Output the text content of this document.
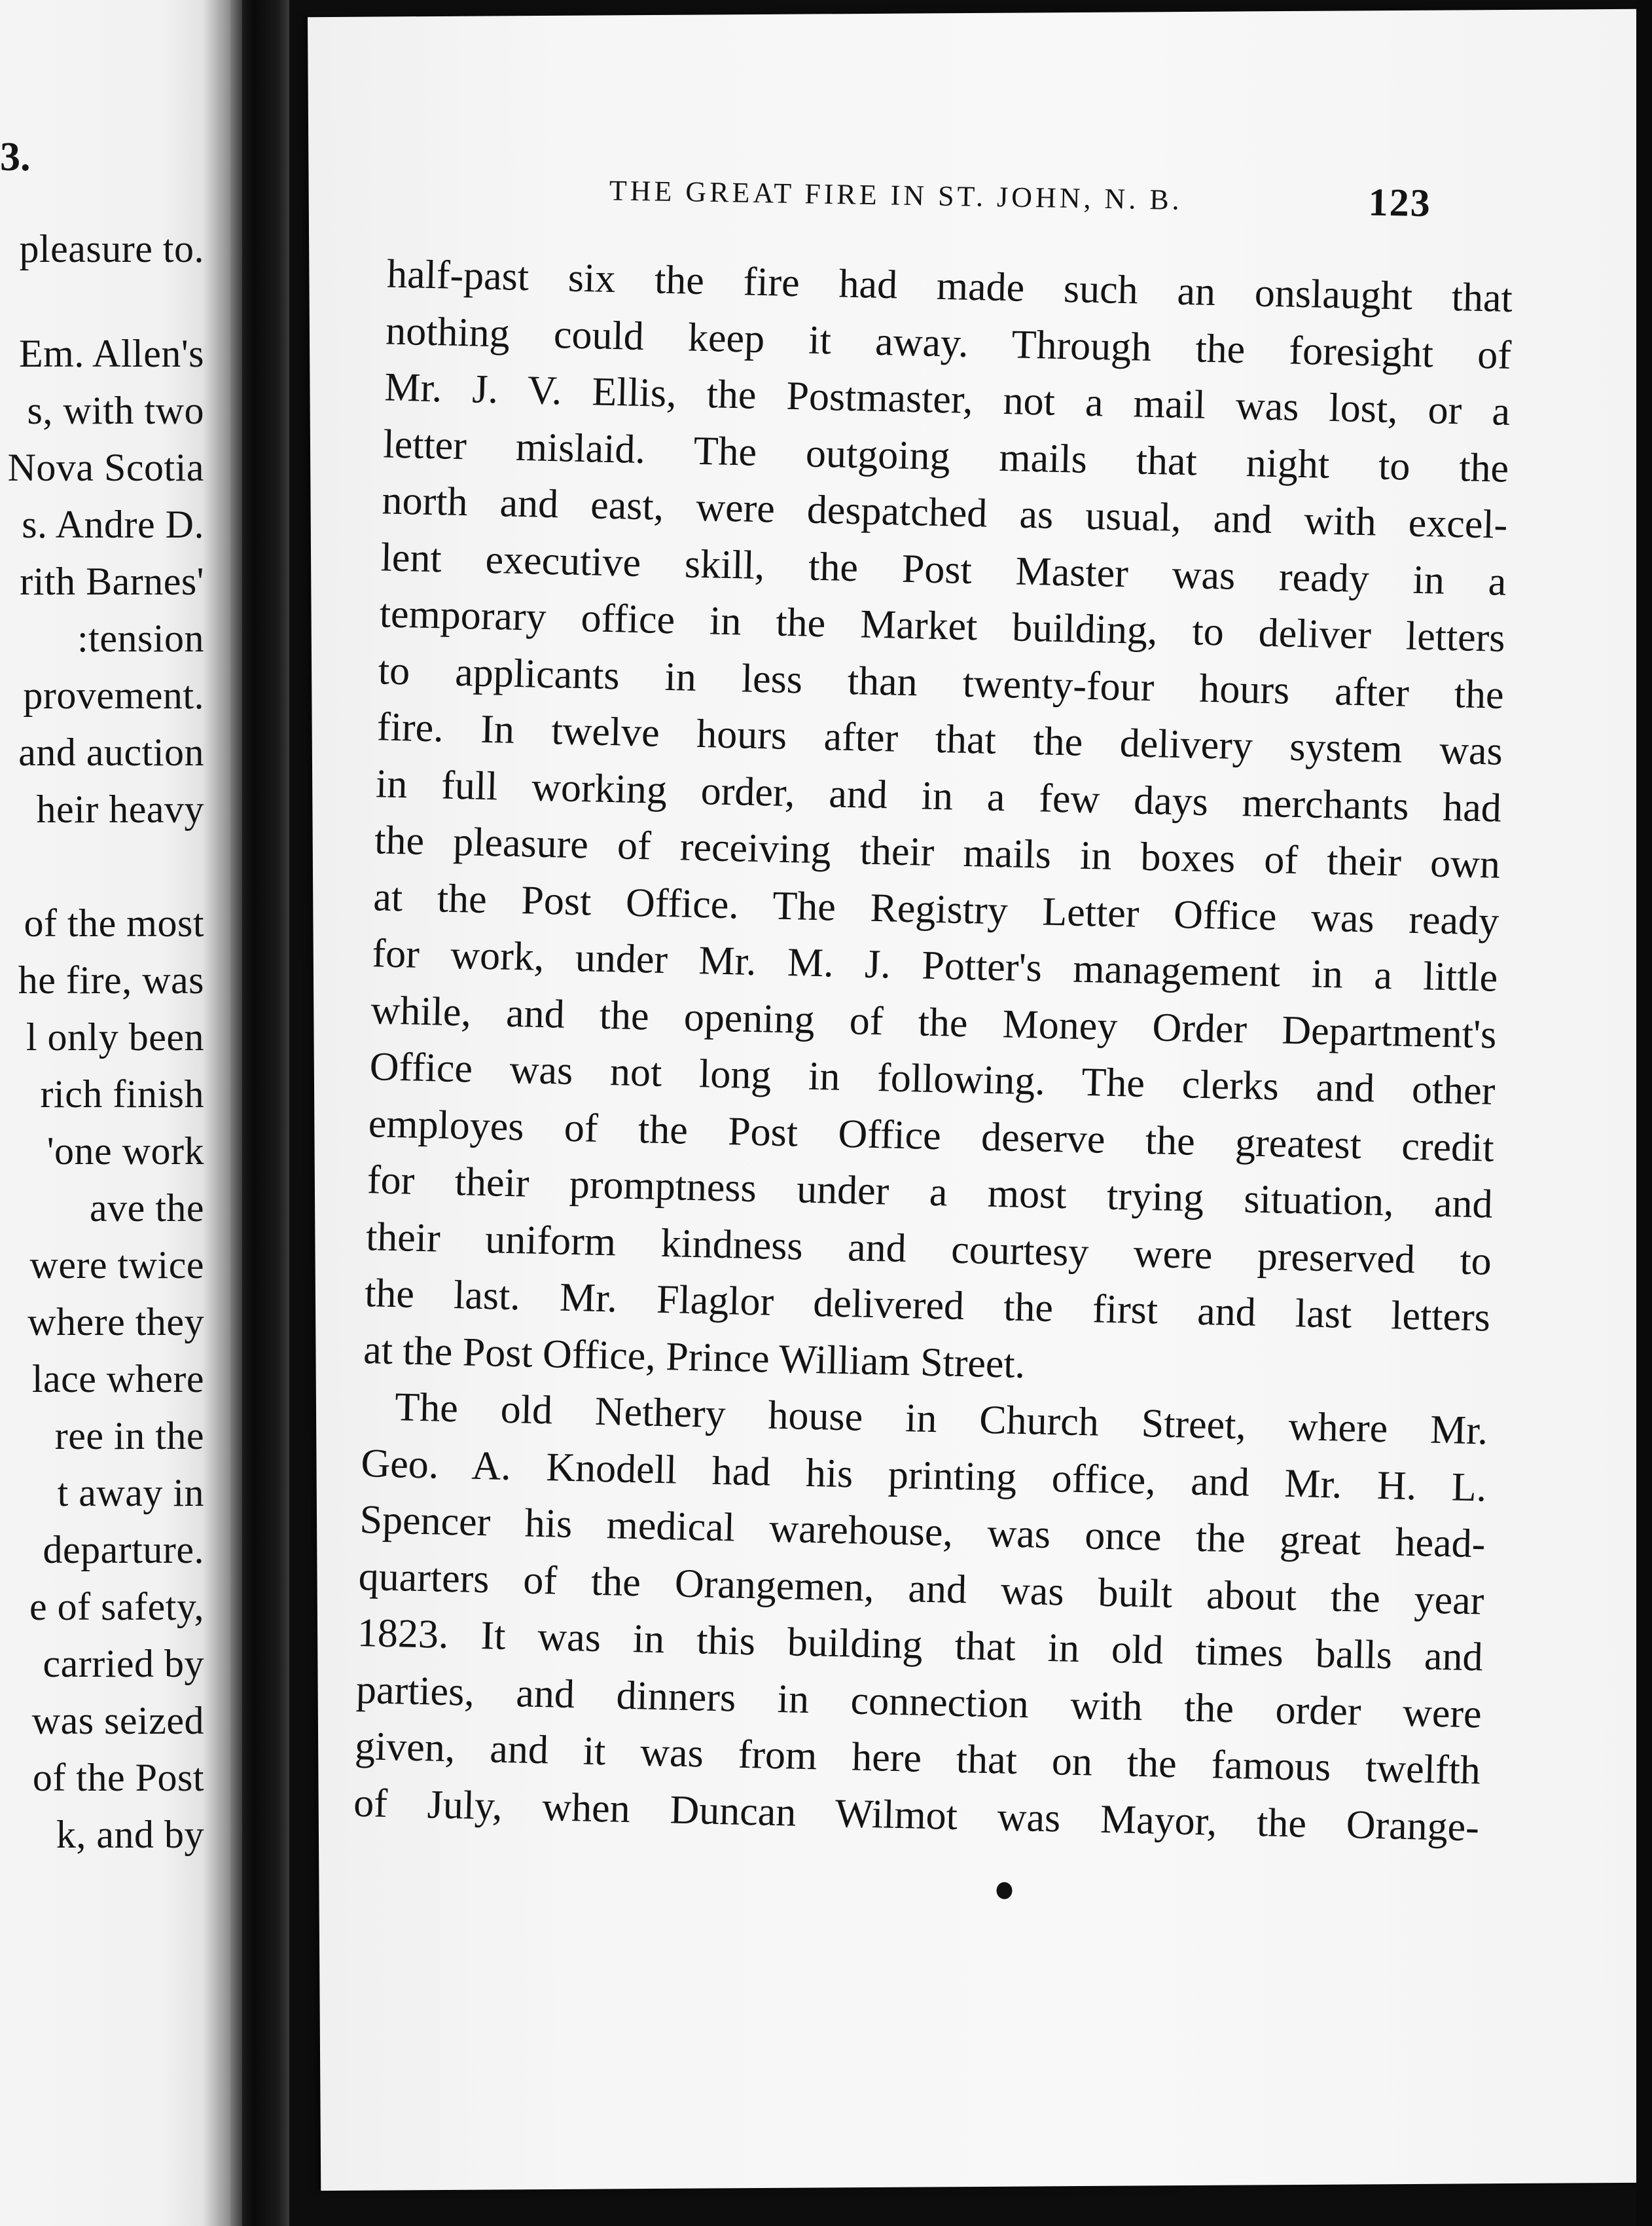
3.
pleasure to.
Em. Allen's
s, with two
Nova Scotia
s. Andre D.
rith Barnes'
:tension
provement.
and auction
heir heavy
of the most
he fire, was
l only been
rich finish
'one work
ave the
were twice
where they
lace where
ree in the
t away in
departure.
e of safety,
carried by
was seized
of the Post
k, and by
THE GREAT FIRE IN ST. JOHN, N. B.	123
half-past six the fire had made such an onslaught that
nothing could keep it away. Through the foresight of
Mr. J. V. Ellis, the Postmaster, not a mail was lost, or a
letter mislaid. The outgoing mails that night to the
north and east, were despatched as usual, and with excel-
lent executive skill, the Post Master was ready in a
temporary office in the Market building, to deliver letters
to applicants in less than twenty-four hours after the
fire. In twelve hours after that the delivery system was
in full working order, and in a few days merchants had
the pleasure of receiving their mails in boxes of their own
at the Post Office. The Registry Letter Office was ready
for work, under Mr. M. J. Potter's management in a little
while, and the opening of the Money Order Department's
Office was not long in following. The clerks and other
employes of the Post Office deserve the greatest credit
for their promptness under a most trying situation, and
their uniform kindness and courtesy were preserved to
the last. Mr. Flaglor delivered the first and last letters
at the Post Office, Prince William Street.
The old Nethery house in Church Street, where Mr.
Geo. A. Knodell had his printing office, and Mr. H. L.
Spencer his medical warehouse, was once the great head-
quarters of the Orangemen, and was built about the year
1823. It was in this building that in old times balls and
parties, and dinners in connection with the order were
given, and it was from here that on the famous twelfth
of July, when Duncan Wilmot was Mayor, the Orange-
